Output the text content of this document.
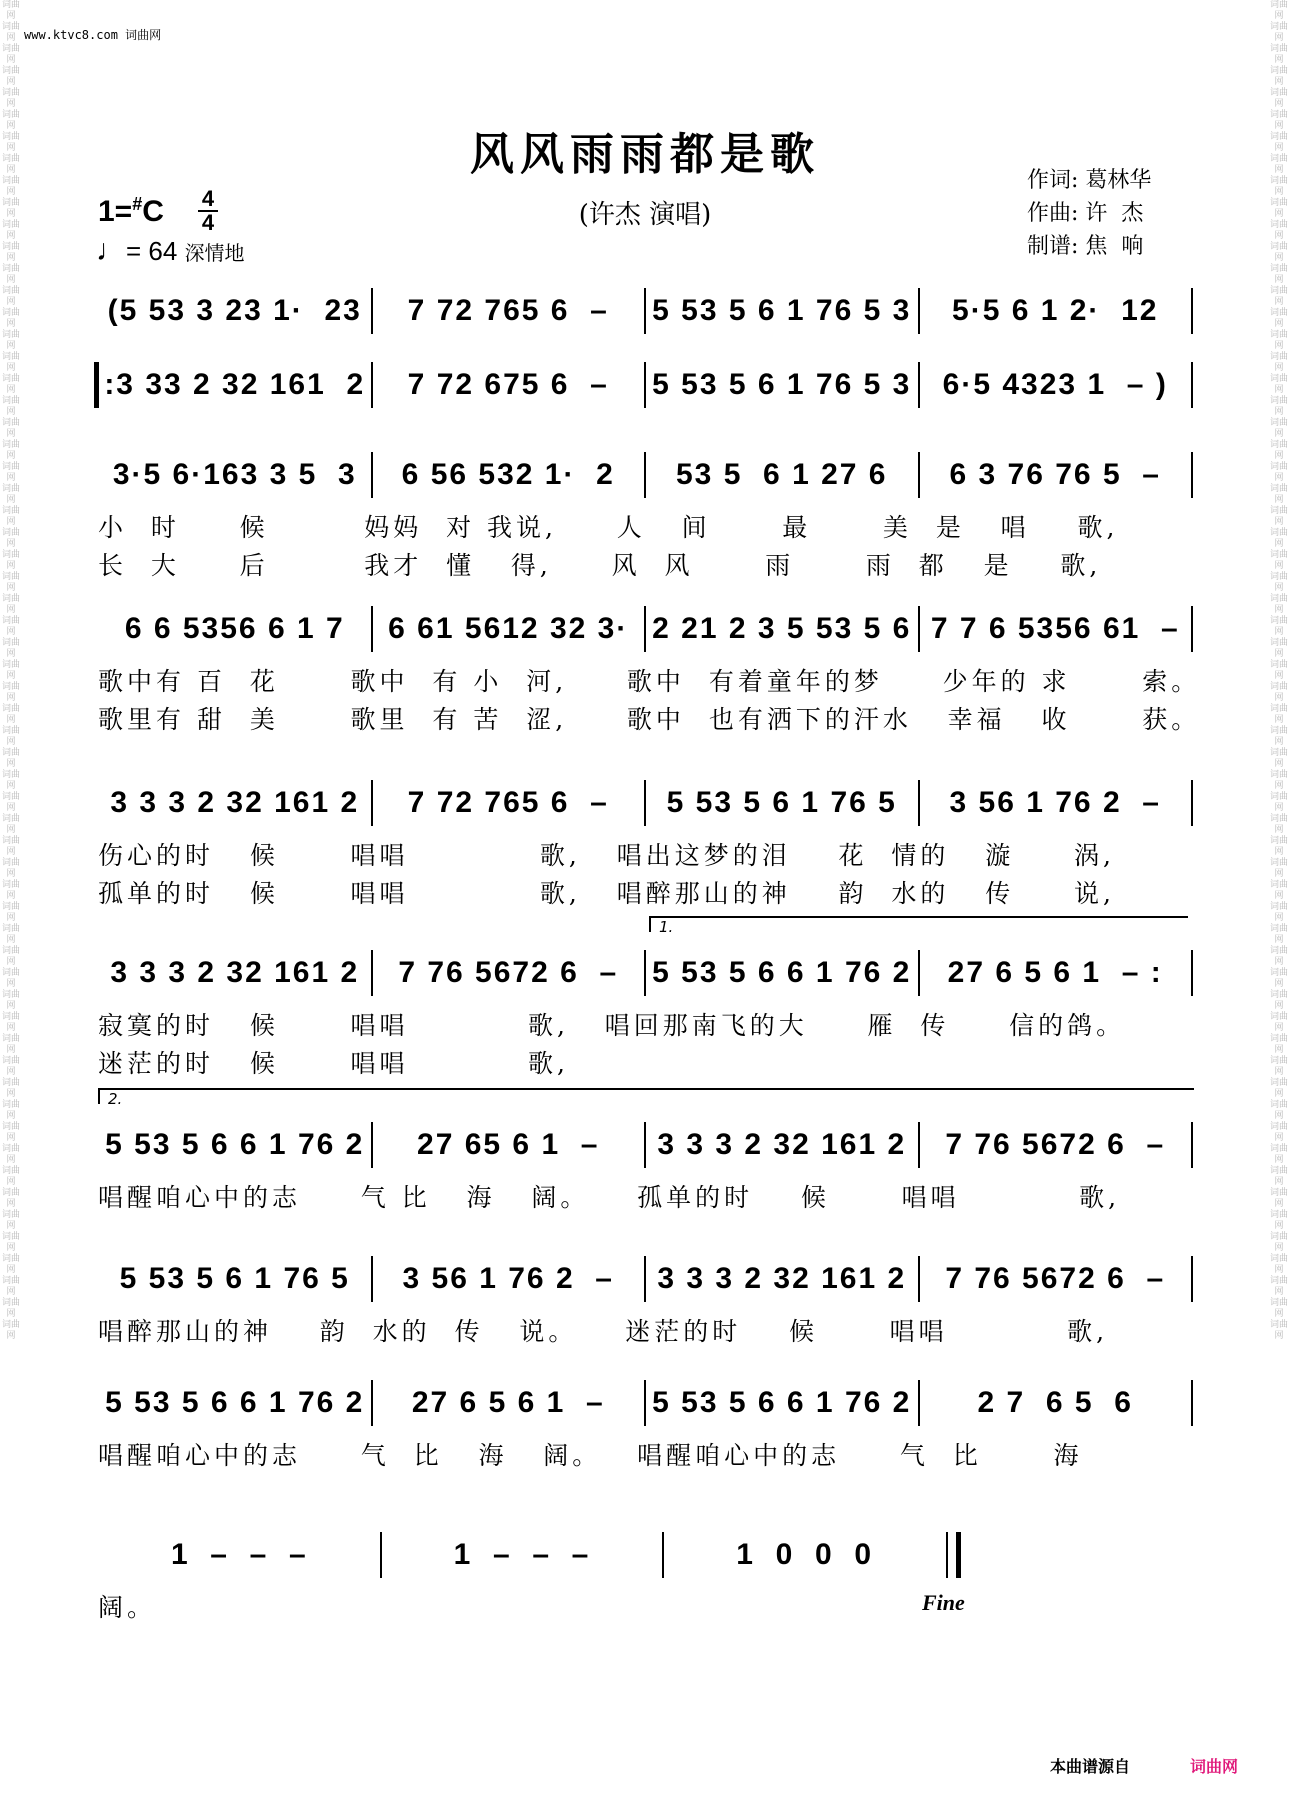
词曲网 词曲网 词曲网 词曲网 词曲网 词曲网 词曲网 词曲网 词曲网 词曲网 词曲网 词曲网 词曲网 词曲网 词曲网 词曲网 词曲网 词曲网 词曲网 词曲网 词曲网 词曲网 词曲网 词曲网 词曲网 词曲网 词曲网 词曲网 词曲网 词曲网 词曲网 词曲网 词曲网 词曲网 词曲网 词曲网 词曲网 词曲网 词曲网 词曲网 词曲网 词曲网 词曲网 词曲网 词曲网 词曲网 词曲网 词曲网 词曲网 词曲网 词曲网 词曲网 词曲网 词曲网 词曲网 词曲网 词曲网 词曲网 词曲网 词曲网 词曲网
词曲网 词曲网 词曲网 词曲网 词曲网 词曲网 词曲网 词曲网 词曲网 词曲网 词曲网 词曲网 词曲网 词曲网 词曲网 词曲网 词曲网 词曲网 词曲网 词曲网 词曲网 词曲网 词曲网 词曲网 词曲网 词曲网 词曲网 词曲网 词曲网 词曲网 词曲网 词曲网 词曲网 词曲网 词曲网 词曲网 词曲网 词曲网 词曲网 词曲网 词曲网 词曲网 词曲网 词曲网 词曲网 词曲网 词曲网 词曲网 词曲网 词曲网 词曲网 词曲网 词曲网 词曲网 词曲网 词曲网 词曲网 词曲网 词曲网 词曲网 词曲网
www.ktvc8.com 词曲网
风风雨雨都是歌
(许杰 演唱)
作词: 葛林华
作曲: 许  杰
制谱: 焦  响
1=#C 4
4
♩= 64 深情地
(5 53 3 23 1·  23	7 72 765 6  –	5 53 5 6 1 76 5 3	5·5 6 1 2·  12
:3 33 2 32 161  2	7 72 675 6  –	5 53 5 6 1 76 5 3	6·5 4323 1  – )
3·5 6·163 3 5  3	6 56 532 1·  2	53 5  6 1 27 6	6 3 76 76 5  –
小  时     候        妈妈  对 我说,     人   间      最      美  是   唱    歌,
长  大     后        我才  懂   得,     风  风      雨      雨  都   是    歌,
6 6 5356 6 1 7	6 61 5612 32 3· 2 21 2 3 5 53 5 6 7 7 6 5356 61  –
歌中有 百  花      歌中  有 小  河,     歌中  有着童年的梦     少年的 求      索。
歌里有 甜  美      歌里  有 苦  涩,     歌中  也有洒下的汗水   幸福   收      获。
3 3 3 2 32 161 2	7 72 765 6  –	5 53 5 6 1 76 5	3 56 1 76 2  –
伤心的时   候      唱唱           歌,   唱出这梦的泪    花  情的   漩     涡,
孤单的时   候      唱唱           歌,   唱醉那山的神    韵  水的   传     说,
3 3 3 2 32 161 2	7 76 5672 6  –	5 53 5 6 6 1 76 2	27 6 5 6 1  – :
1.
寂寞的时   候      唱唱          歌,   唱回那南飞的大     雁  传     信的鸽。
迷茫的时   候      唱唱          歌,
5 53 5 6 6 1 76 2	27 65 6 1  –	3 3 3 2 32 161 2	7 76 5672 6  –
2.
唱醒咱心中的志     气 比   海   阔。    孤单的时    候      唱唱          歌,
5 53 5 6 1 76 5	3 56 1 76 2  –	3 3 3 2 32 161 2	7 76 5672 6  –
唱醉那山的神    韵  水的  传   说。    迷茫的时    候      唱唱          歌,
5 53 5 6 6 1 76 2	27 6 5 6 1  –	5 53 5 6 6 1 76 2	2 7  6 5  6
唱醒咱心中的志     气  比   海   阔。   唱醒咱心中的志     气  比      海
1  –  –  –	1  –  –  –	1  0  0  0
阔。	Fine
本曲谱源自	词曲网
